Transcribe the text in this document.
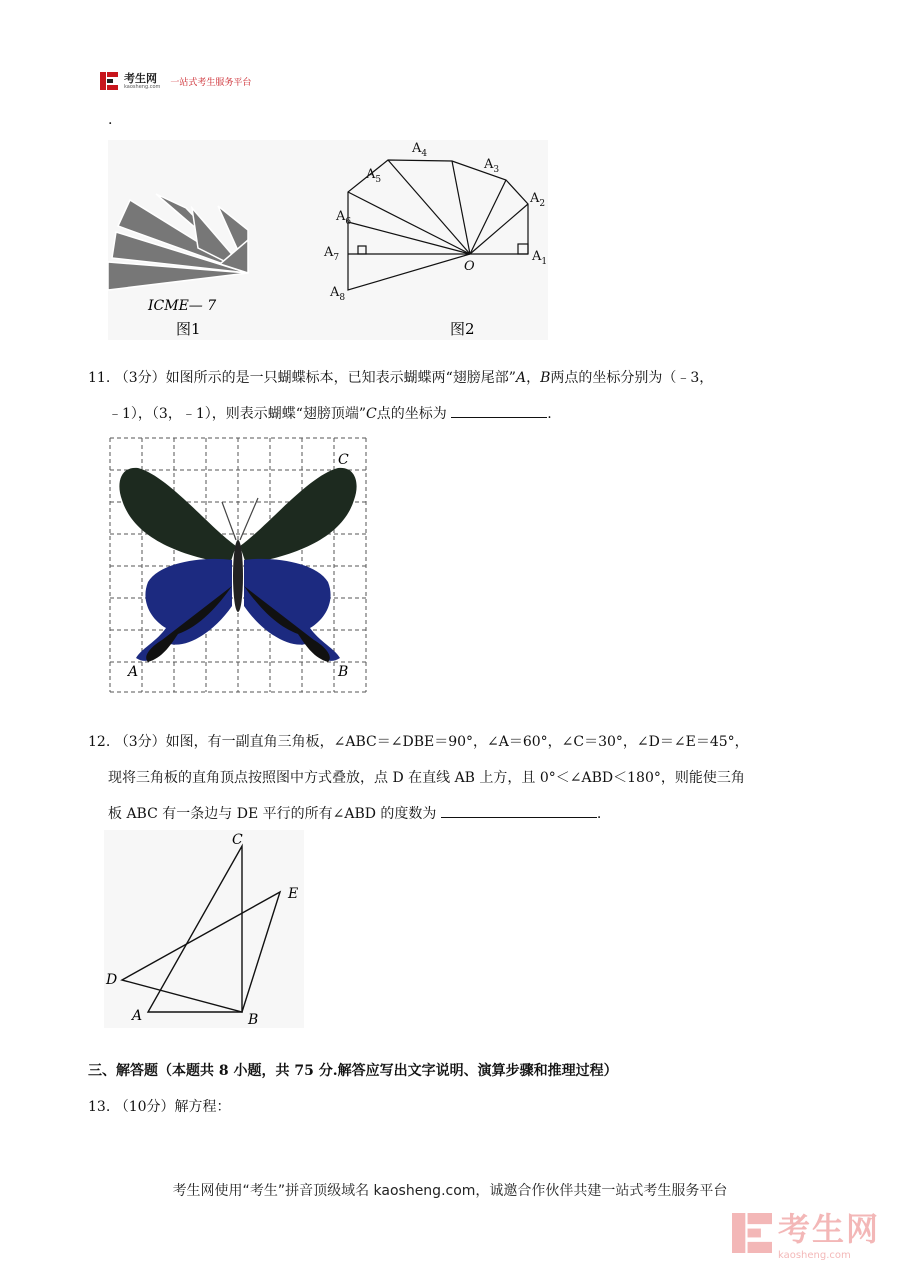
考生网
kaosheng.com 一站式考生服务平台
.
ICME— 7
图1
$A_1$
$A_2$
$A_3$
$A_4$
$A_5$
$A_6$
$A_7$
$A_8$
O
图2
11. （3分）如图所示的是一只蝴蝶标本，已知表示蝴蝶两“翅膀尾部”A，B两点的坐标分别为（﹣3，
﹣1），（3，﹣1），则表示蝴蝶“翅膀顶端”C点的坐标为	.
C
A	B
12. （3分）如图，有一副直角三角板，∠ABC＝∠DBE＝90°，∠A＝60°，∠C＝30°，∠D＝∠E＝45°，
现将三角板的直角顶点按照图中方式叠放，点 D 在直线 AB 上方，且 0°＜∠ABD＜180°，则能使三角
板 ABC 有一条边与 DE 平行的所有∠ABD 的度数为	.
C
E
D
A	B
三、解答题（本题共 8 小题，共 75 分.解答应写出文字说明、演算步骤和推理过程）
13. （10分）解方程：
考生网使用“考生”拼音顶级域名 kaosheng.com，诚邀合作伙伴共建一站式考生服务平台
考生网
kaosheng.com
